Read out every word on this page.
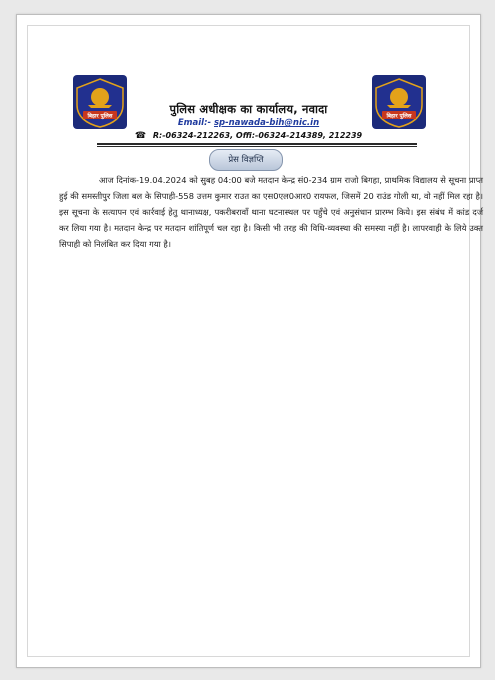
बिहार पुलिस	बिहार पुलिस
पुलिस अधीक्षक का कार्यालय, नवादा
Email:- sp-nawada-bih@nic.in
☎ R:-06324-212263, Offi:-06324-214389, 212239
प्रेस विज्ञप्ति

आज दिनांक-19.04.2024 को सुबह 04:00 बजे मतदान केन्द्र सं0-234 ग्राम राजो बिगहा, प्राथमिक विद्यालय से सूचना प्राप्त हुई की समस्तीपुर जिला बल के सिपाही-558 उत्तम कुमार राउत का एस0एल0आर0 रायफल, जिसमें 20 राउंड गोली था, वो नहीं मिल रहा है। इस सूचना के सत्यापन एवं कार्रवाई हेतु थानाध्यक्ष, पकरीबरावाँ थाना घटनास्थल पर पहुँचे एवं अनुसंधान प्रारम्भ किये। इस संबंध में कांड दर्ज कर लिया गया है। मतदान केन्द्र पर मतदान शांतिपूर्ण चल रहा है। किसी भी तरह की विधि-व्यवस्था की समस्या नहीं है। लापरवाही के लिये उक्त सिपाही को निलंबित कर दिया गया है।
